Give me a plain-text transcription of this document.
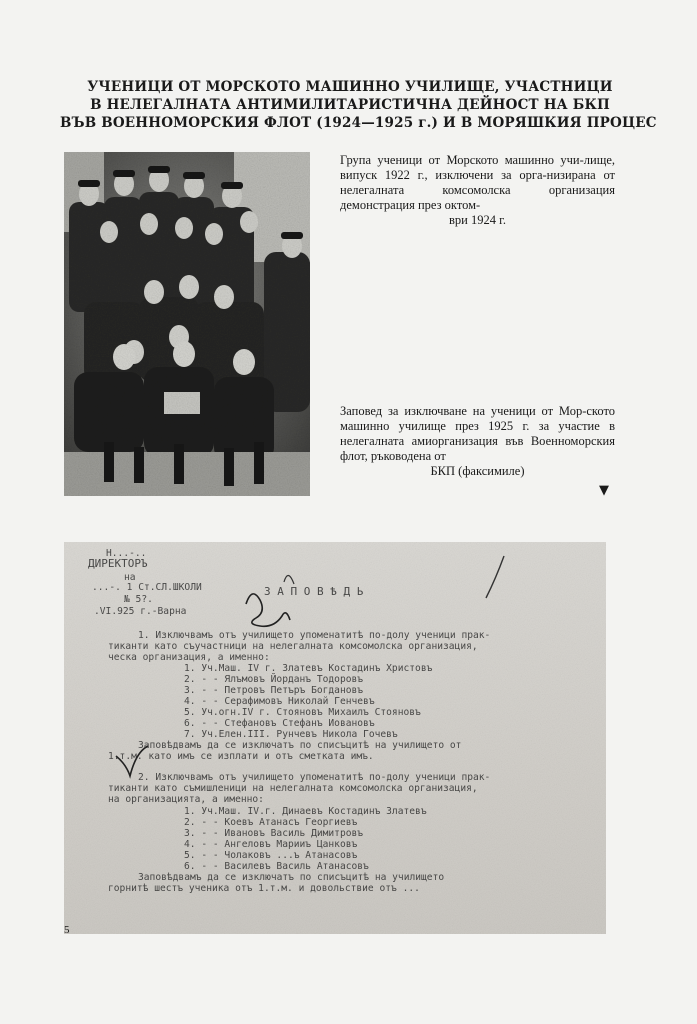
УЧЕНИЦИ ОТ МОРСКОТО МАШИННО УЧИЛИЩЕ, УЧАСТНИЦИ
В НЕЛЕГАЛНАТА АНТИМИЛИТАРИСТИЧНА ДЕЙНОСТ НА БКП
ВЪВ ВОЕННОМОРСКИЯ ФЛОТ (1924—1925 г.) И В МОРЯШКИЯ ПРОЦЕС
Група ученици от Морското машинно учи-лище, випуск 1922 г., изключени за орга-низирана от нелегалната комсомолска организация демонстрация през октом-
ври 1924 г.
Заповед за изключване на ученици от Мор-ското машинно училище през 1925 г. за участие в нелегалната амиорганизация във Военноморския флот, ръководена от
БКП (факсимиле)
▼
Н...-..
ДИРЕКТОРЪ
на
...-. 1 Ст.СЛ.ШКОЛИ
№ 5?.
.VI.925 г.-Варна
З А П О В Ѣ Д Ь
1. Изключвамъ отъ училището упоменатитѣ по-долу ученици прак-
тиканти като съучастници на нелегалната комсомолска организация,
ческа организация, а именно:
1. Уч.Маш. IV г. Златевъ Костадинъ Христовъ
2. - - Ялъмовъ Йорданъ Тодоровъ
3. - - Петровъ Петъръ Богдановъ
4. - - Серафимовъ Николай Генчевъ
5. Уч.огн.IV г. Стояновъ Михаилъ Стояновъ
6. - - Стефановъ Стефанъ Иовановъ
7. Уч.Елен.III. Рунчевъ Никола Гочевъ
Заповѣдвамъ да се изключатъ по списъцитѣ на училището от
1.т.м. като имъ се изплати и отъ сметката имъ.
2. Изключвамъ отъ училището упоменатитѣ по-долу ученици прак-
тиканти като съмишленици на нелегалната комсомолска организация,
на организацията, а именно:
1. Уч.Маш. IV.г. Динаевъ Костадинъ Златевъ
2. - - Коевъ Атанасъ Георгиевъ
3. - - Ивановъ Василь Димитровъ
4. - - Ангеловъ Марииъ Цанковъ
5. - - Чолаковъ ...ъ Атанасовъ
6. - - Василевъ Василь Атанасовъ
Заповѣдвамъ да се изключатъ по списъцитѣ на училището
горнитѣ шестъ ученика отъ 1.т.м. и довольствие отъ ...
5
